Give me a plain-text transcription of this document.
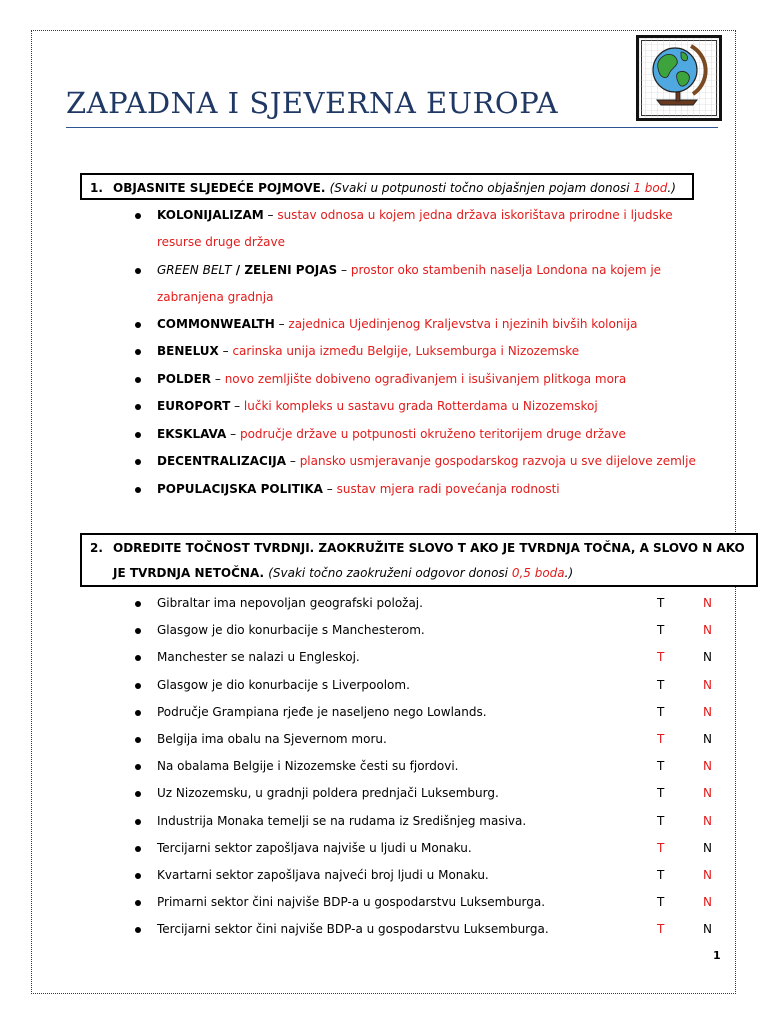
ZAPADNA I SJEVERNA EUROPA
1. OBJASNITE SLJEDEĆE POJMOVE. (Svaki u potpunosti točno objašnjen pojam donosi 1 bod.)
KOLONIJALIZAM – sustav odnosa u kojem jedna država iskorištava prirodne i ljudske
resurse druge države
GREEN BELT / ZELENI POJAS – prostor oko stambenih naselja Londona na kojem je
zabranjena gradnja
COMMONWEALTH – zajednica Ujedinjenog Kraljevstva i njezinih bivših kolonija
BENELUX – carinska unija između Belgije, Luksemburga i Nizozemske
POLDER – novo zemljište dobiveno ograđivanjem i isušivanjem plitkoga mora
EUROPORT – lučki kompleks u sastavu grada Rotterdama u Nizozemskoj
EKSKLAVA – područje države u potpunosti okruženo teritorijem druge države
DECENTRALIZACIJA – plansko usmjeravanje gospodarskog razvoja u sve dijelove zemlje
POPULACIJSKA POLITIKA – sustav mjera radi povećanja rodnosti
2. ODREDITE TOČNOST TVRDNJI. ZAOKRUŽITE SLOVO T AKO JE TVRDNJA TOČNA, A SLOVO N AKO
JE TVRDNJA NETOČNA. (Svaki točno zaokruženi odgovor donosi 0,5 boda.)
Gibraltar ima nepovoljan geografski položaj.	T	N
Glasgow je dio konurbacije s Manchesterom.	T	N
Manchester se nalazi u Engleskoj.	T	N
Glasgow je dio konurbacije s Liverpoolom.	T	N
Područje Grampiana rjeđe je naseljeno nego Lowlands.	T	N
Belgija ima obalu na Sjevernom moru.	T	N
Na obalama Belgije i Nizozemske česti su fjordovi.	T	N
Uz Nizozemsku, u gradnji poldera prednjači Luksemburg.	T	N
Industrija Monaka temelji se na rudama iz Središnjeg masiva.	T	N
Tercijarni sektor zapošljava najviše u ljudi u Monaku.	T	N
Kvartarni sektor zapošljava najveći broj ljudi u Monaku.	T	N
Primarni sektor čini najviše BDP-a u gospodarstvu Luksemburga.	T	N
Tercijarni sektor čini najviše BDP-a u gospodarstvu Luksemburga.	T	N
1
